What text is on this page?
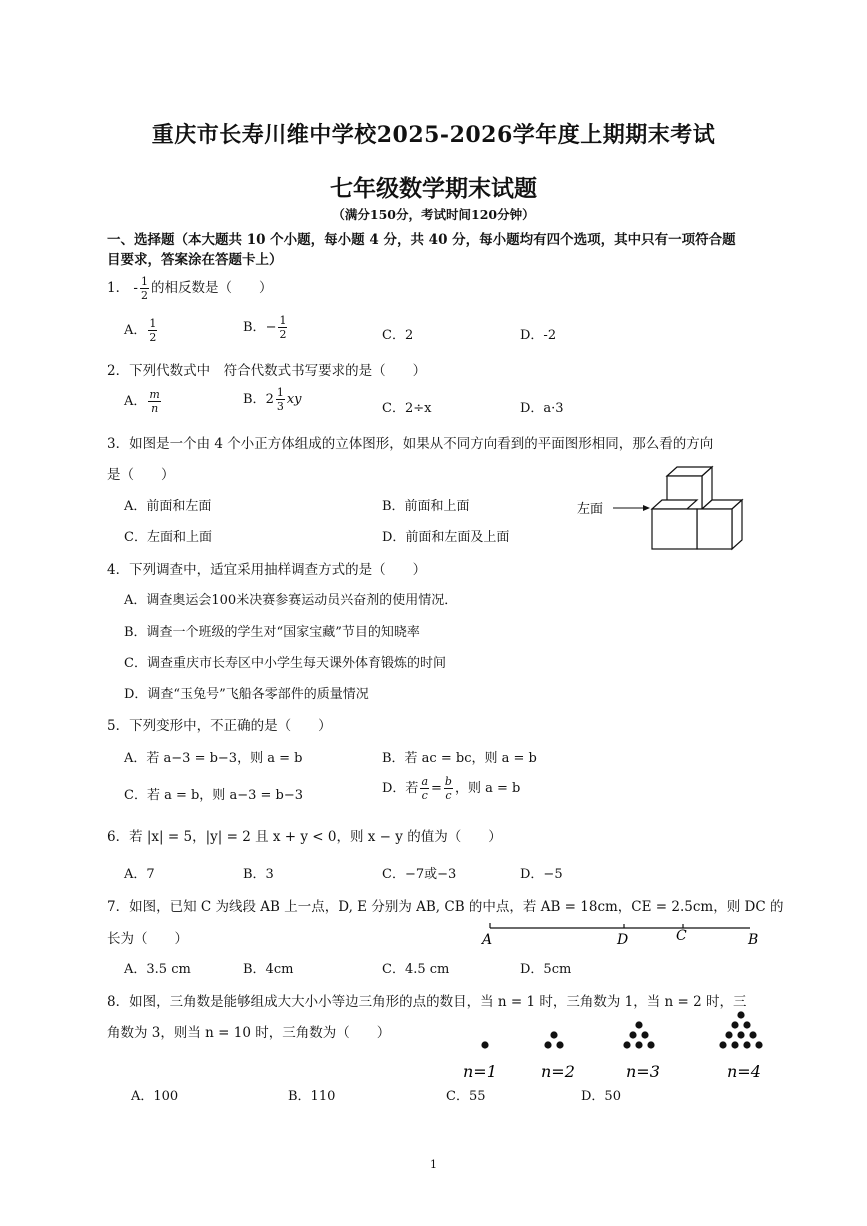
重庆市长寿川维中学校2025-2026学年度上期期末考试
七年级数学期末试题
（满分150分，考试时间120分钟）
一、选择题（本大题共 10 个小题，每小题 4 分，共 40 分，每小题均有四个选项，其中只有一项符合题
目要求，答案涂在答题卡上）
1． - $\frac{1}{2}$ 的相反数是（　　）
A． $\frac{1}{2}$	B．− $\frac{1}{2}$	C．2	D．-2
2．下列代数式中　符合代数式书写要求的是（　　）
A． $\frac{m}{n}$	B．$2 \frac{1}{3}$ xy
C．2÷x	D．a·3
3．如图是一个由 4 个小正方体组成的立体图形，如果从不同方向看到的平面图形相同，那么看的方向
是（　　）
A．前面和左面	B．前面和上面
C．左面和上面	D．前面和左面及上面
左面
4．下列调查中，适宜采用抽样调查方式的是（　　）
A．调查奥运会100米决赛参赛运动员兴奋剂的使用情况．
B．调查一个班级的学生对“国家宝藏”节目的知晓率
C．调查重庆市长寿区中小学生每天课外体育锻炼的时间
D．调查“玉兔号”飞船各零部件的质量情况
5．下列变形中，不正确的是（　　）
A．若 a−3 = b−3，则 a = b	B．若 ac = bc，则 a = b
C．若 a = b，则 a−3 = b−3	D．若 $\frac{a}{c} = \frac{b}{c}$ ，则 a = b
6．若 |x| = 5，|y| = 2 且 x + y < 0，则 x − y 的值为（　　）
A．7	B．3	C．−7或−3	D．−5
7．如图，已知 C 为线段 AB 上一点，D, E 分别为 AB, CB 的中点，若 AB = 18cm，CE = 2.5cm，则 DC 的
长为（　　）	A	D	C	B
A．3.5 cm	B．4cm	C．4.5 cm	D．5cm
8．如图，三角数是能够组成大大小小等边三角形的点的数目，当 n = 1 时，三角数为 1，当 n = 2 时，三
角数为 3，则当 n = 10 时，三角数为（　　）
n=1	n=2	n=3	n=4
A．100	B．110	C．55	D．50
1
